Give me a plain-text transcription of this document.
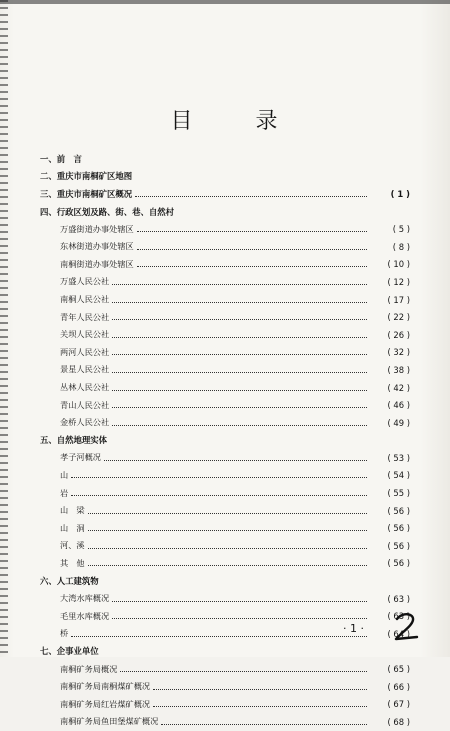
目 录
一、前　言
二、重庆市南桐矿区地图
三、重庆市南桐矿区概况	( 1 )
四、行政区划及路、街、巷、自然村
万盛街道办事处辖区	( 5 )
东林街道办事处辖区	( 8 )
南桐街道办事处辖区	( 10 )
万盛人民公社	( 12 )
南桐人民公社	( 17 )
青年人民公社	( 22 )
关坝人民公社	( 26 )
两河人民公社	( 32 )
景星人民公社	( 38 )
丛林人民公社	( 42 )
青山人民公社	( 46 )
金桥人民公社	( 49 )
五、自然地理实体
孝子河概况	( 53 )
山	( 54 )
岩	( 55 )
山　梁	( 56 )
山　洞	( 56 )
河、溪	( 56 )
其　他	( 56 )
六、人工建筑物
大湾水库概况	( 63 )
毛里水库概况	( 63 )
桥	( 64 )
七、企事业单位
南桐矿务局概况	( 65 )
南桐矿务局南桐煤矿概况	( 66 )
南桐矿务局红岩煤矿概况	( 67 )
南桐矿务局鱼田堡煤矿概况	( 68 )
· 1 ·
